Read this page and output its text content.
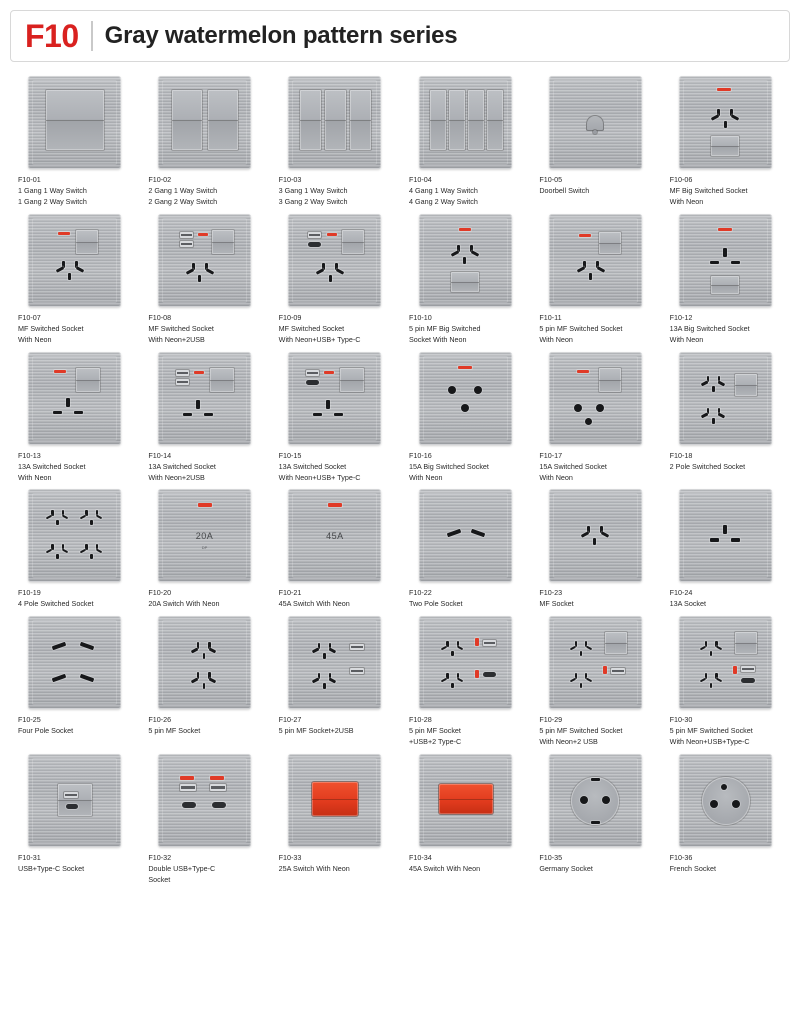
F10	Gray watermelon pattern series
F10-01
1 Gang 1 Way Switch
1 Gang 2 Way Switch
F10-02
2 Gang 1 Way Switch
2 Gang 2 Way Switch
F10-03
3 Gang 1 Way Switch
3 Gang 2 Way Switch
F10-04
4 Gang 1 Way Switch
4 Gang 2 Way Switch
F10-05
Doorbell Switch
F10-06
MF Big Switched Socket
With Neon
F10-07
MF Switched Socket
With Neon
F10-08
MF Switched Socket
With Neon+2USB
F10-09
MF Switched Socket
With Neon+USB+ Type-C
F10-10
5 pin MF Big Switched
Socket With Neon
F10-11
5 pin MF Switched Socket
With Neon
F10-12
13A Big Switched Socket
With Neon
F10-13
13A Switched Socket
With Neon
F10-14
13A Switched Socket
With Neon+2USB
F10-15
13A Switched Socket
With Neon+USB+ Type-C
F10-16
15A Big Switched Socket
With Neon
F10-17
15A Switched Socket
With Neon
F10-18
2 Pole Switched Socket
F10-19
4 Pole Switched Socket
20A
DP
F10-20
20A Switch With Neon
45A
F10-21
45A Switch With Neon
F10-22
Two Pole Socket
F10-23
MF Socket
F10-24
13A Socket
F10-25
Four Pole Socket
F10-26
5 pin MF Socket
F10-27
5 pin MF Socket+2USB
F10-28
5 pin MF Socket
+USB+2 Type-C
F10-29
5 pin MF Switched Socket
With Neon+2 USB
F10-30
5 pin MF Switched Socket
With Neon+USB+Type-C
F10-31
USB+Type-C Socket
F10-32
Double USB+Type-C
Socket
F10-33
25A Switch With Neon
F10-34
45A Switch With Neon
F10-35
Germany Socket
F10-36
French Socket
